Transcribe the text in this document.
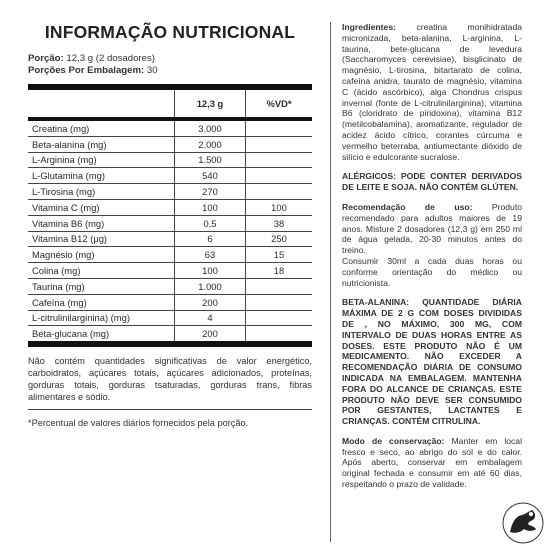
INFORMAÇÃO NUTRICIONAL
Porção: 12,3 g (2 dosadores)
Porções Por Embalagem: 30
	12,3 g	%VD*
Creatina (mg)	3.000	
Beta-alanina (mg)	2.000	
L-Arginina (mg)	1.500	
L-Glutamina (mg)	540	
L-Tirosina (mg)	270	
Vitamina C (mg)	100	100
Vitamina B6 (mg)	0,5	38
Vitamina B12 (µg)	6	250
Magnésio (mg)	63	15
Colina (mg)	100	18
Taurina (mg)	1.000	
Cafeína (mg)	200	
L-citrulinilarginina) (mg)	4	
Beta-glucana (mg)	200	
Não contém quantidades significativas de valor energético, carboidratos, açúcares totais, açúcares adicionados, proteínas, gorduras totais, gorduras tsaturadas, gorduras trans, fibras alimentares e sódio.
*Percentual de valores diários fornecidos pela porção.
Ingredientes: creatina monihidratada micronizada, beta-alanina, L-arginina, L-taurina, bete-glucana de levedura (Saccharomyces cerevisiae), bisglicinato de magnésio, L-tirosina, bitartarato de colina, cafeína anidra, taurato de magnésio, vitamina C (ácido ascórbico), alga Chondrus crispus invernal (fonte de L-citrulinilarginina), vitamina B6 (cloridrato de piridoxina), vitamina B12 (metilcobalamina), aromatizante, regulador de acidez ácido cítrico, corantes cúrcuma e vermelho beterraba, antiumectante dióxido de silício e edulcorante sucralose.
ALÉRGICOS: PODE CONTER DERIVADOS DE LEITE E SOJA. NÃO CONTÉM GLÚTEN.
Recomendação de uso: Produto recomendado para adultos maiores de 19 anos. Misture 2 dosadores (12,3 g) em 250 ml de água gelada, 20-30 minutos antes do treino.
Consumir 30ml a cada duas horas ou conforme orientação do médico ou nutricionista.
BETA-ALANINA: QUANTIDADE DIÁRIA MÁXIMA DE 2 G COM DOSES DIVIDIDAS DE , NO MÁXIMO, 300 MG, COM INTERVALO DE DUAS HORAS ENTRE AS DOSES. ESTE PRODUTO NÃO É UM MEDICAMENTO. NÃO EXCEDER A RECOMENDAÇÃO DIÁRIA DE CONSUMO INDICADA NA EMBALAGEM. MANTENHA FORA DO ALCANCE DE CRIANÇAS. ESTE PRODUTO NÃO DEVE SER CONSUMIDO POR GESTANTES, LACTANTES E CRIANÇAS. CONTÉM CITRULINA.
Modo de conservação: Manter em local fresco e seco, ao abrigo do sol e do calor. Após aberto, conservar em embalagem original fechada e consumir em até 60 dias, respeitando o prazo de validade.
